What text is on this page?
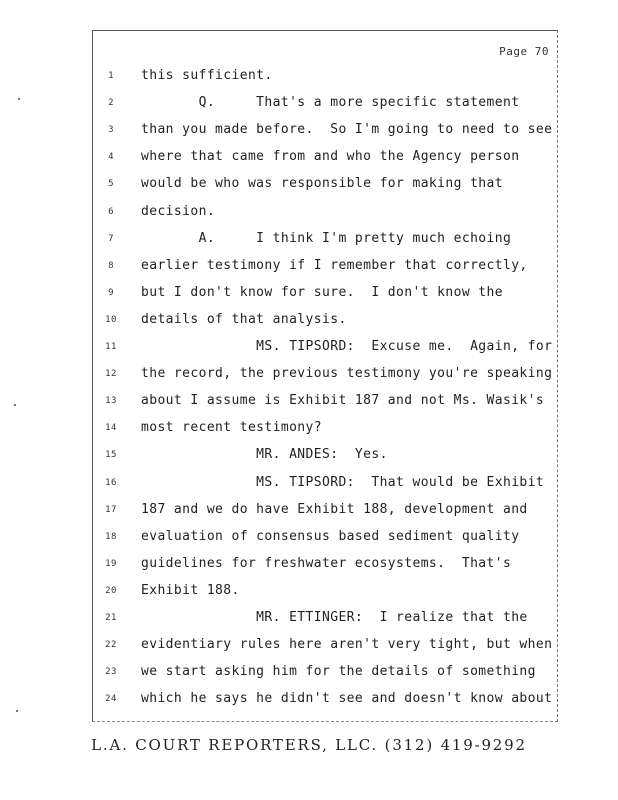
Page 70
1	this sufficient.
2	Q.     That's a more specific statement
3	than you made before.  So I'm going to need to see
4	where that came from and who the Agency person
5	would be who was responsible for making that
6	decision.
7	A.     I think I'm pretty much echoing
8	earlier testimony if I remember that correctly,
9	but I don't know for sure.  I don't know the
10	details of that analysis.
11	MS. TIPSORD:  Excuse me.  Again, for
12	the record, the previous testimony you're speaking
13	about I assume is Exhibit 187 and not Ms. Wasik's
14	most recent testimony?
15	MR. ANDES:  Yes.
16	MS. TIPSORD:  That would be Exhibit
17	187 and we do have Exhibit 188, development and
18	evaluation of consensus based sediment quality
19	guidelines for freshwater ecosystems.  That's
20	Exhibit 188.
21	MR. ETTINGER:  I realize that the
22	evidentiary rules here aren't very tight, but when
23	we start asking him for the details of something
24	which he says he didn't see and doesn't know about
L.A. COURT REPORTERS, LLC. (312) 419-9292
